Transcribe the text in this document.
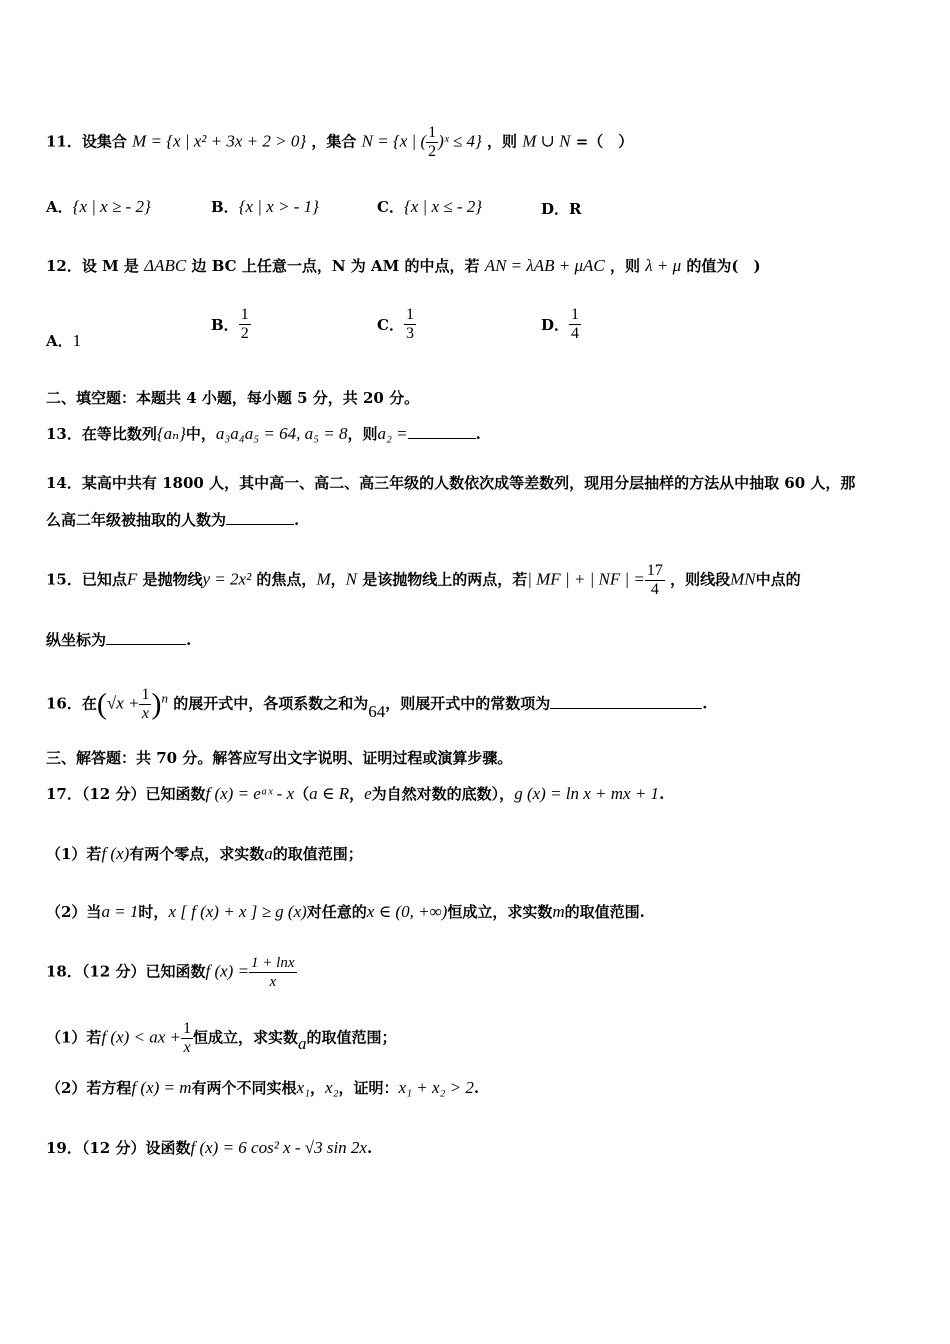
11．设集合 M = {x | x² + 3x + 2 > 0} ，集合 N = {x | ( $\frac{1}{2}$ )ˣ ≤ 4} ，则 M ∪ N =（　）
A．{x | x ≥ - 2}	B．{x | x > - 1}	C．{x | x ≤ - 2}	D．R
12．设 M 是 ΔABC 边 BC 上任意一点，N 为 AM 的中点，若 AN = λAB + μAC ，则 λ + μ 的值为(　)
A．1
B． $\frac{1}{2}$	C． $\frac{1}{3}$	D． $\frac{1}{4}$
二、填空题：本题共 4 小题，每小题 5 分，共 20 分。
13．在等比数列{aₙ}中，a₃a₄a₅ = 64, a₅ = 8，则a₂ =	.
14．某高中共有 1800 人，其中高一、高二、高三年级的人数依次成等差数列，现用分层抽样的方法从中抽取 60 人，那
么高二年级被抽取的人数为	.
15．已知点F 是抛物线y = 2x² 的焦点，M，N 是该抛物线上的两点，若| MF | + | NF | = $\frac{17}{4}$ ，则线段MN中点的
纵坐标为	.
16．在$(√x + \frac{1}{x} )^n$ 的展开式中，各项系数之和为64，则展开式中的常数项为	.
三、解答题：共 70 分。解答应写出文字说明、证明过程或演算步骤。
17．（12 分）已知函数f (x) = eᵃˣ - x（a ∈ R，e为自然对数的底数），g (x) = ln x + mx + 1.
（1）若f (x)有两个零点，求实数a的取值范围；
（2）当a = 1时，x [ f (x) + x ] ≥ g (x)对任意的x ∈ (0, +∞)恒成立，求实数m的取值范围.
18．（12 分）已知函数f $(x) = \frac{1 + \ln x}{x}$
（1）若f (x) < ax + $\frac{1}{x}$ 恒成立，求实数a的取值范围；
（2）若方程f (x) = m有两个不同实根x₁，x₂，证明：x₁ + x₂ > 2.
19．（12 分）设函数f (x) = 6 cos² x - √3 sin 2x.
